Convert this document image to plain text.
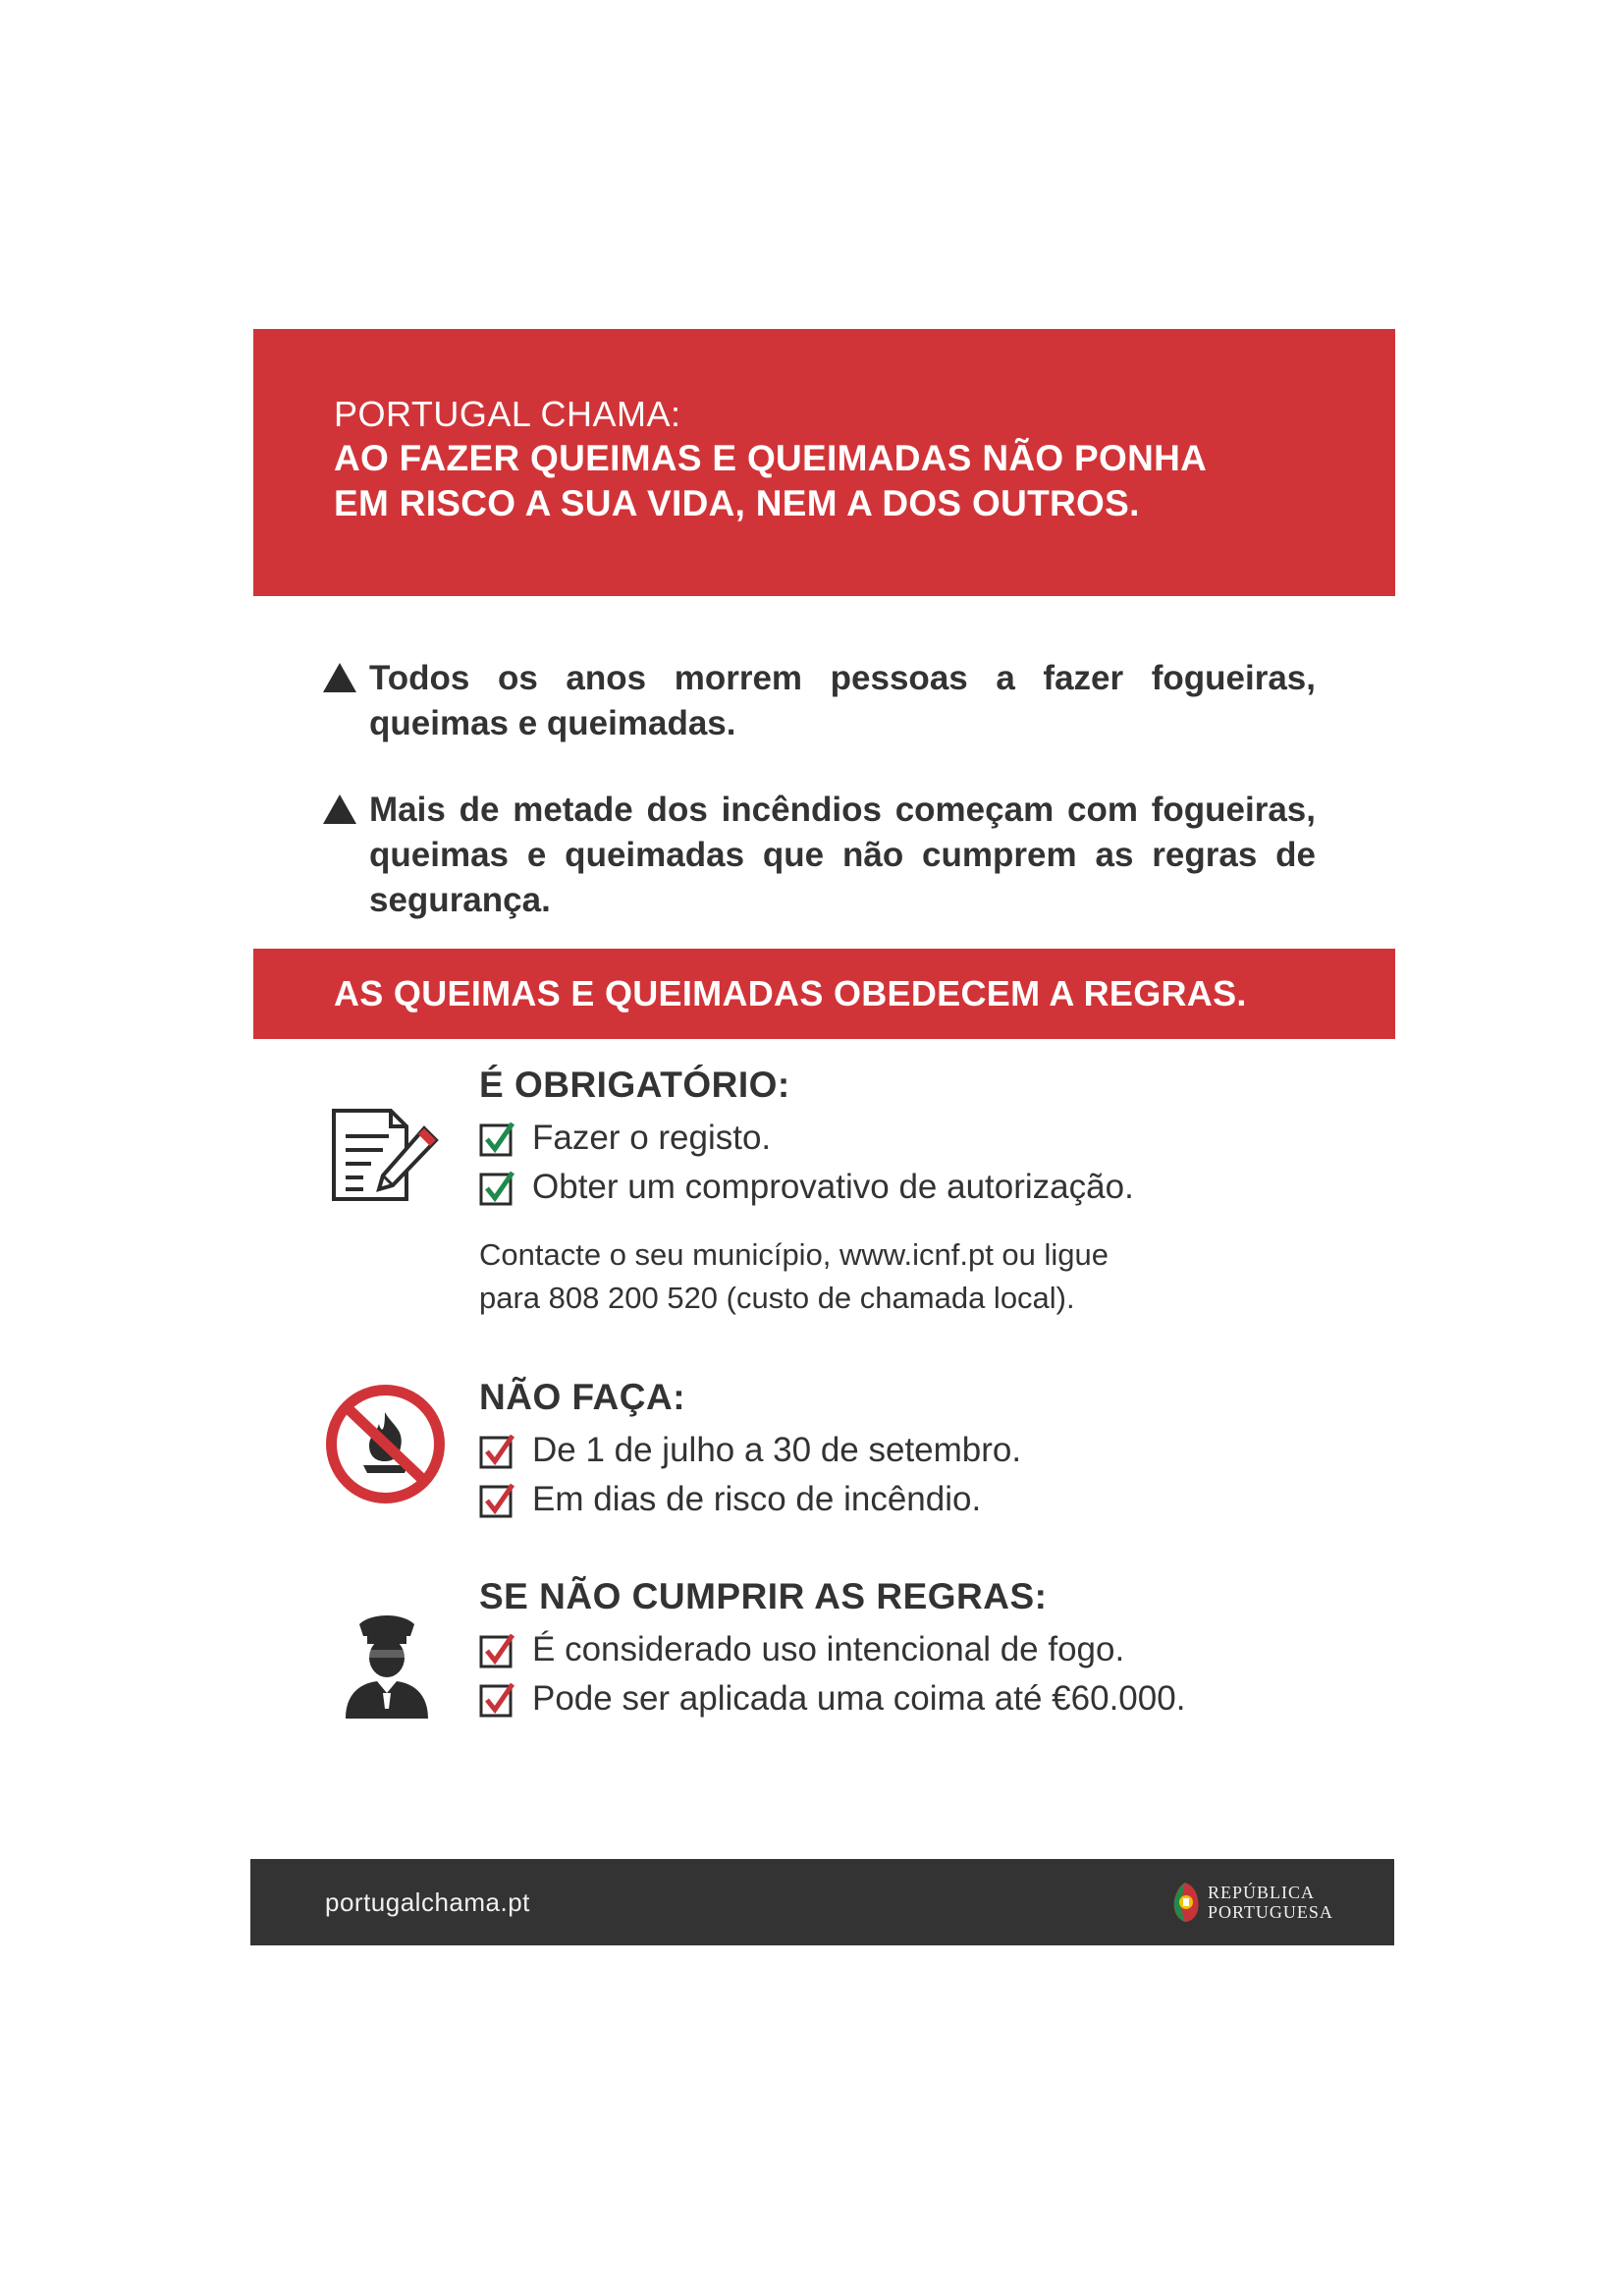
PORTUGAL CHAMA:
AO FAZER QUEIMAS E QUEIMADAS NÃO PONHA
EM RISCO A SUA VIDA, NEM A DOS OUTROS.
Todos os anos morrem pessoas a fazer fogueiras, queimas e queimadas.
Mais de metade dos incêndios começam com fogueiras, queimas e queimadas que não cumprem as regras de segurança.
AS QUEIMAS E QUEIMADAS OBEDECEM A REGRAS.
É OBRIGATÓRIO:
Fazer o registo.
Obter um comprovativo de autorização.
Contacte o seu município, www.icnf.pt ou ligue
para 808 200 520 (custo de chamada local).
NÃO FAÇA:
De 1 de julho a 30 de setembro.
Em dias de risco de incêndio.
SE NÃO CUMPRIR AS REGRAS:
É considerado uso intencional de fogo.
Pode ser aplicada uma coima até €60.000.
portugalchama.pt	REPÚBLICA
PORTUGUESA
